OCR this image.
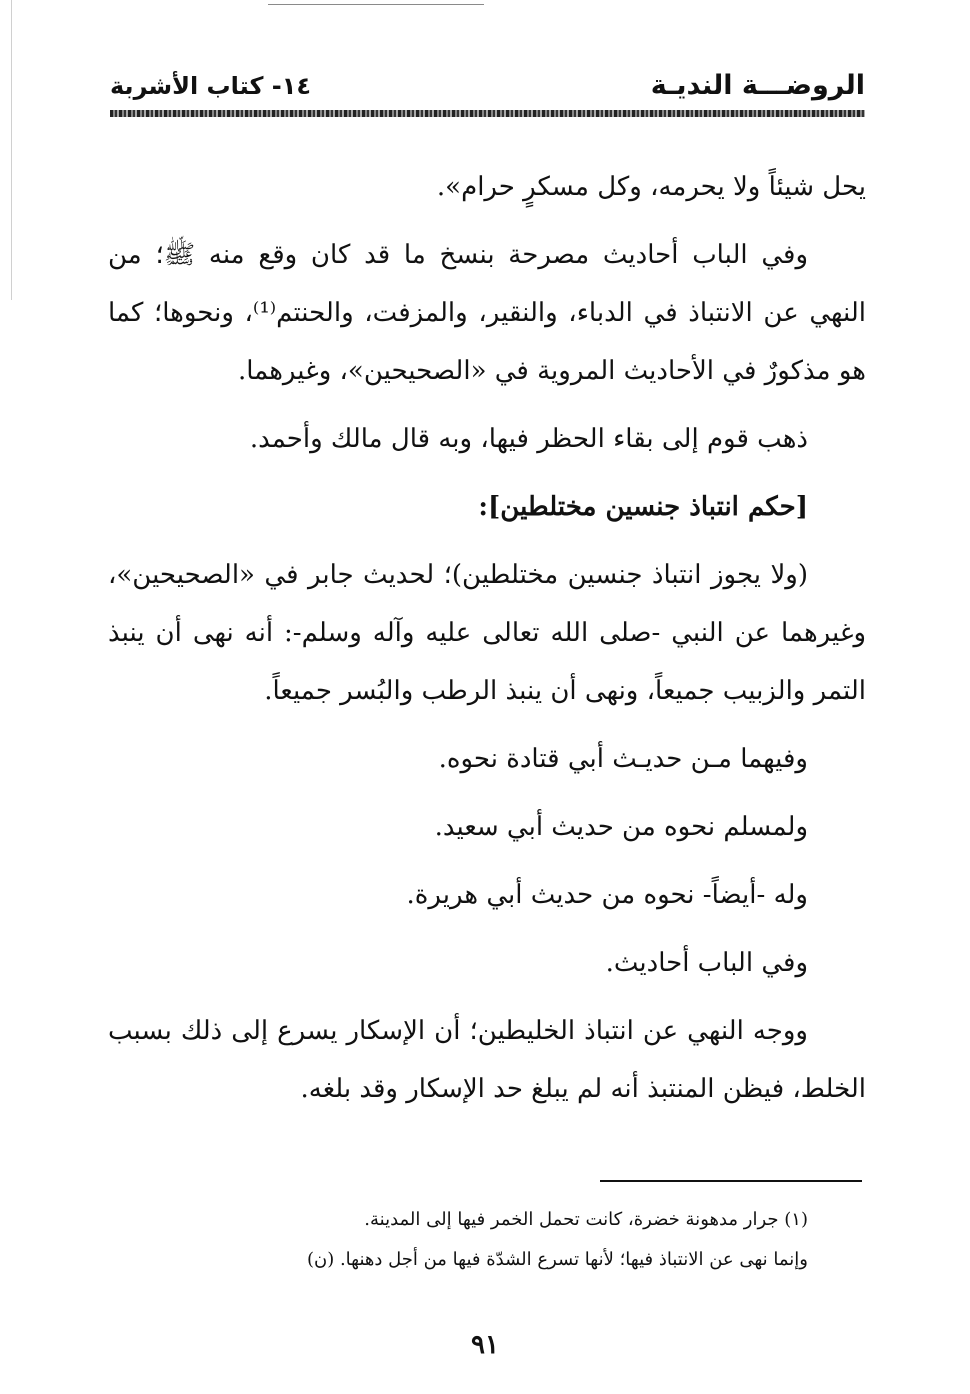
الروضـــة النديـة
١٤- كتاب الأشربة

يحل شيئاً ولا يحرمه، وكل مسكرٍ حرام».

وفي الباب أحاديث مصرحة بنسخ ما قد كان وقع منه ﷺ؛ من النهي عن الانتباذ في الدباء، والنقير، والمزفت، والحنتم⁽¹⁾، ونحوها؛ كما هو مذكورٌ في الأحاديث المروية في «الصحيحين»، وغيرهما.

ذهب قوم إلى بقاء الحظر فيها، وبه قال مالك وأحمد.

[حكم انتباذ جنسين مختلطين]:

(ولا يجوز انتباذ جنسين مختلطين)؛ لحديث جابر في «الصحيحين»، وغيرهما عن النبي -صلى الله تعالى عليه وآله وسلم-: أنه نهى أن ينبذ التمر والزبيب جميعاً، ونهى أن ينبذ الرطب والبُسر جميعاً.

وفيهما مـن حديـث أبي قتادة نحوه.

ولمسلم نحوه من حديث أبي سعيد.

وله -أيضاً- نحوه من حديث أبي هريرة.

وفي الباب أحاديث.

ووجه النهي عن انتباذ الخليطين؛ أن الإسكار يسرع إلى ذلك بسبب الخلط، فيظن المنتبذ أنه لم يبلغ حد الإسكار وقد بلغه.

(١) جرار مدهونة خضرة، كانت تحمل الخمر فيها إلى المدينة.

وإنما نهى عن الانتباذ فيها؛ لأنها تسرع الشدّة فيها من أجل دهنها. (ن)

٩١
